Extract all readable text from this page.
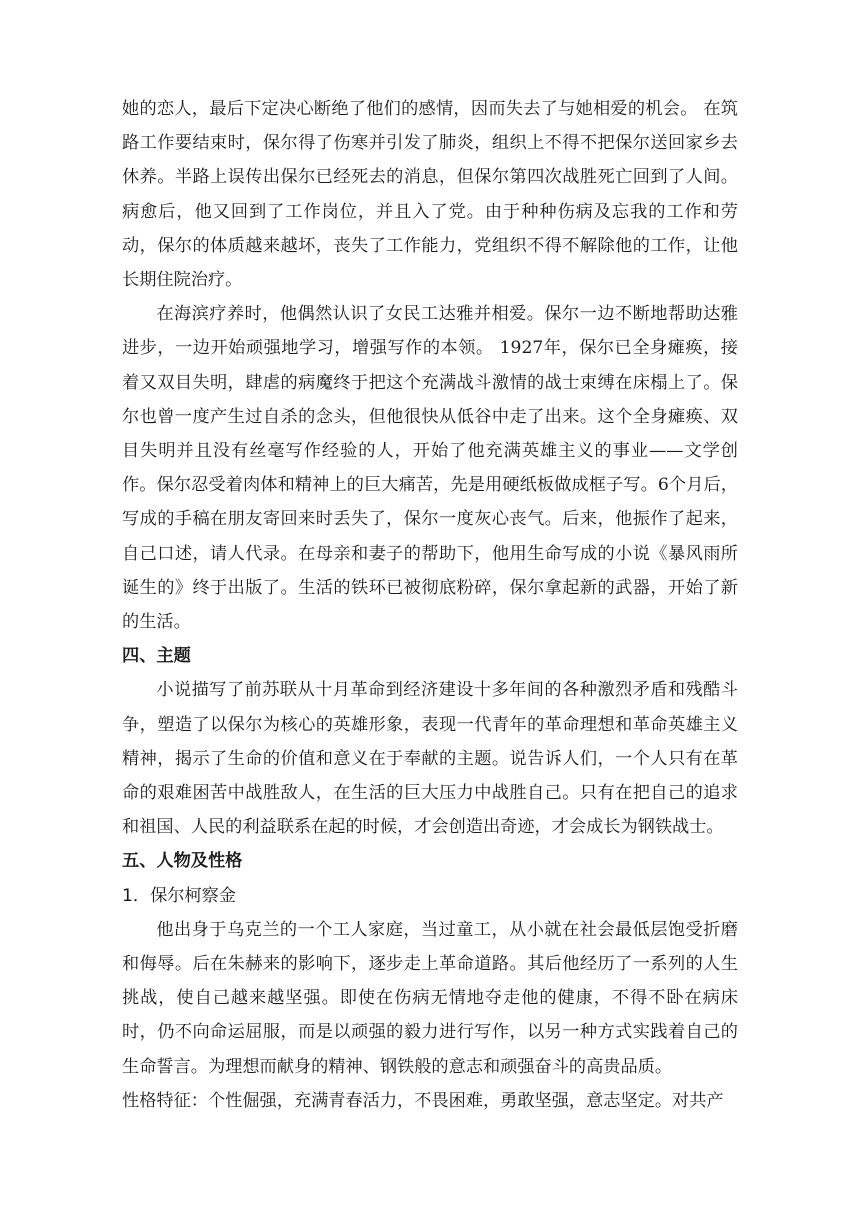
她的恋人，最后下定决心断绝了他们的感情，因而失去了与她相爱的机会。 在筑路工作要结束时，保尔得了伤寒并引发了肺炎，组织上不得不把保尔送回家乡去休养。半路上误传出保尔已经死去的消息，但保尔第四次战胜死亡回到了人间。病愈后，他又回到了工作岗位，并且入了党。由于种种伤病及忘我的工作和劳动，保尔的体质越来越坏，丧失了工作能力，党组织不得不解除他的工作，让他长期住院治疗。

在海滨疗养时，他偶然认识了女民工达雅并相爱。保尔一边不断地帮助达雅进步，一边开始顽强地学习，增强写作的本领。 1927年，保尔已全身瘫痪，接着又双目失明，肆虐的病魔终于把这个充满战斗激情的战士束缚在床榻上了。保尔也曾一度产生过自杀的念头，但他很快从低谷中走了出来。这个全身瘫痪、双目失明并且没有丝毫写作经验的人，开始了他充满英雄主义的事业——文学创作。保尔忍受着肉体和精神上的巨大痛苦，先是用硬纸板做成框子写。6个月后，写成的手稿在朋友寄回来时丢失了，保尔一度灰心丧气。后来，他振作了起来，自己口述，请人代录。在母亲和妻子的帮助下，他用生命写成的小说《暴风雨所诞生的》终于出版了。生活的铁环已被彻底粉碎，保尔拿起新的武器，开始了新的生活。

四、主题

小说描写了前苏联从十月革命到经济建设十多年间的各种激烈矛盾和残酷斗争，塑造了以保尔为核心的英雄形象，表现一代青年的革命理想和革命英雄主义精神，揭示了生命的价值和意义在于奉献的主题。说告诉人们，一个人只有在革命的艰难困苦中战胜敌人，在生活的巨大压力中战胜自己。只有在把自己的追求和祖国、人民的利益联系在起的时候，才会创造出奇迹，才会成长为钢铁战士。

五、人物及性格

1．保尔柯察金

他出身于乌克兰的一个工人家庭，当过童工，从小就在社会最低层饱受折磨和侮辱。后在朱赫来的影响下，逐步走上革命道路。其后他经历了一系列的人生挑战，使自己越来越坚强。即使在伤病无情地夺走他的健康，不得不卧在病床时，仍不向命运屈服，而是以顽强的毅力进行写作，以另一种方式实践着自己的生命誓言。为理想而献身的精神、钢铁般的意志和顽强奋斗的高贵品质。

性格特征：个性倔强，充满青春活力，不畏困难，勇敢坚强，意志坚定。对共产
